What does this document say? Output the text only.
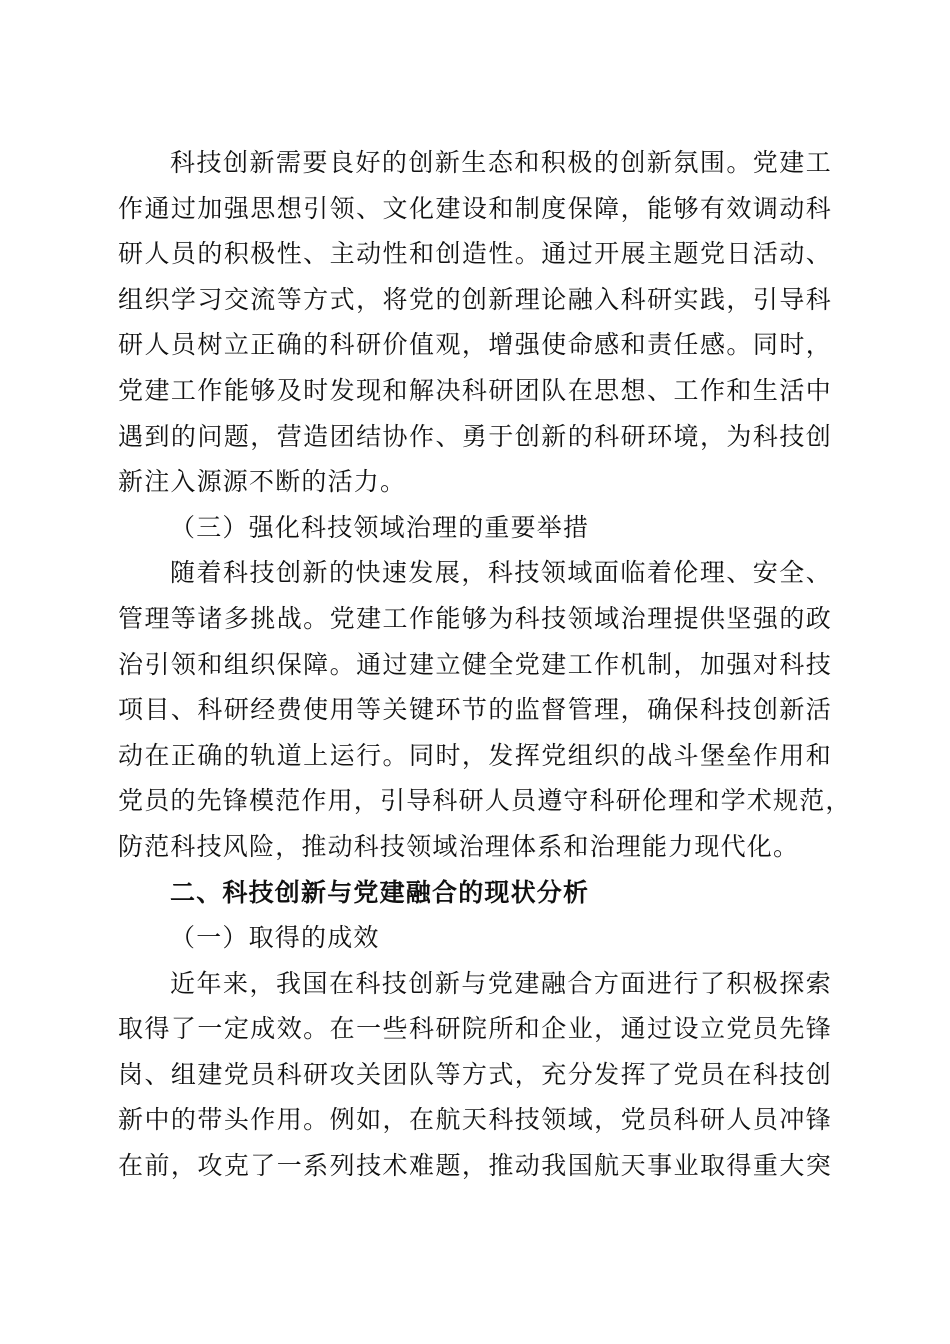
科技创新需要良好的创新生态和积极的创新氛围。党建工
作通过加强思想引领、文化建设和制度保障，能够有效调动科
研人员的积极性、主动性和创造性。通过开展主题党日活动、
组织学习交流等方式，将党的创新理论融入科研实践，引导科
研人员树立正确的科研价值观，增强使命感和责任感。同时，
党建工作能够及时发现和解决科研团队在思想、工作和生活中
遇到的问题，营造团结协作、勇于创新的科研环境，为科技创
新注入源源不断的活力。
（三）强化科技领域治理的重要举措
随着科技创新的快速发展，科技领域面临着伦理、安全、
管理等诸多挑战。党建工作能够为科技领域治理提供坚强的政
治引领和组织保障。通过建立健全党建工作机制，加强对科技
项目、科研经费使用等关键环节的监督管理，确保科技创新活
动在正确的轨道上运行。同时，发挥党组织的战斗堡垒作用和
党员的先锋模范作用，引导科研人员遵守科研伦理和学术规范，
防范科技风险，推动科技领域治理体系和治理能力现代化。
二、科技创新与党建融合的现状分析
（一）取得的成效
近年来，我国在科技创新与党建融合方面进行了积极探索
取得了一定成效。在一些科研院所和企业，通过设立党员先锋
岗、组建党员科研攻关团队等方式，充分发挥了党员在科技创
新中的带头作用。例如，在航天科技领域，党员科研人员冲锋
在前，攻克了一系列技术难题，推动我国航天事业取得重大突
